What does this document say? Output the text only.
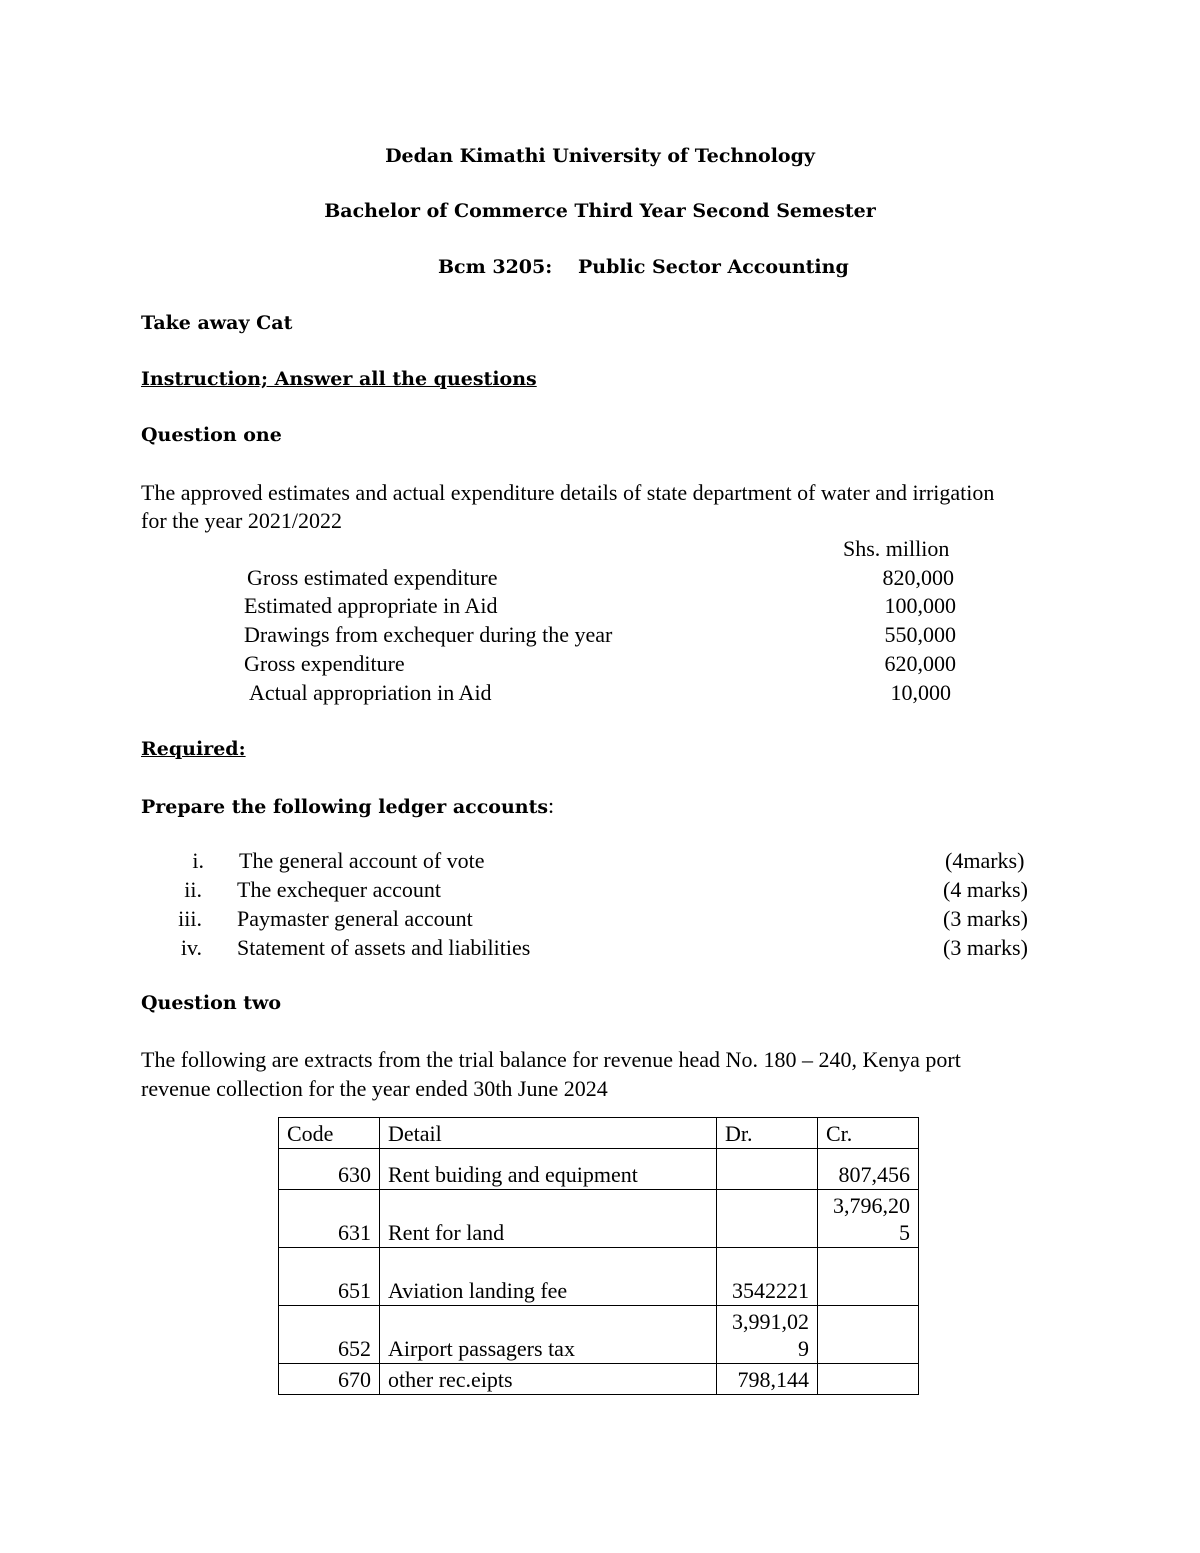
Dedan Kimathi University of Technology
Bachelor of Commerce Third Year Second Semester
Bcm 3205: Public Sector Accounting
Take away Cat
Instruction; Answer all the questions
Question one
The approved estimates and actual expenditure details of state department of water and irrigation
for the year 2021/2022
Shs. million
Gross estimated expenditure	820,000
Estimated appropriate in Aid	100,000
Drawings from exchequer during the year	550,000
Gross expenditure	620,000
Actual appropriation in Aid	10,000
Required:
Prepare the following ledger accounts:
i. The general account of vote	(4marks)
ii. The exchequer account	(4 marks)
iii. Paymaster general account	(3 marks)
iv. Statement of assets and liabilities	(3 marks)
Question two
The following are extracts from the trial balance for revenue head No. 180 – 240, Kenya port
revenue collection for the year ended 30th June 2024
Code	Detail	Dr.	Cr.
630	Rent buiding and equipment		807,456
631	Rent for land		3,796,205
651	Aviation landing fee	3542221	
652	Airport passagers tax	3,991,029	
670	other rec.eipts	798,144	
